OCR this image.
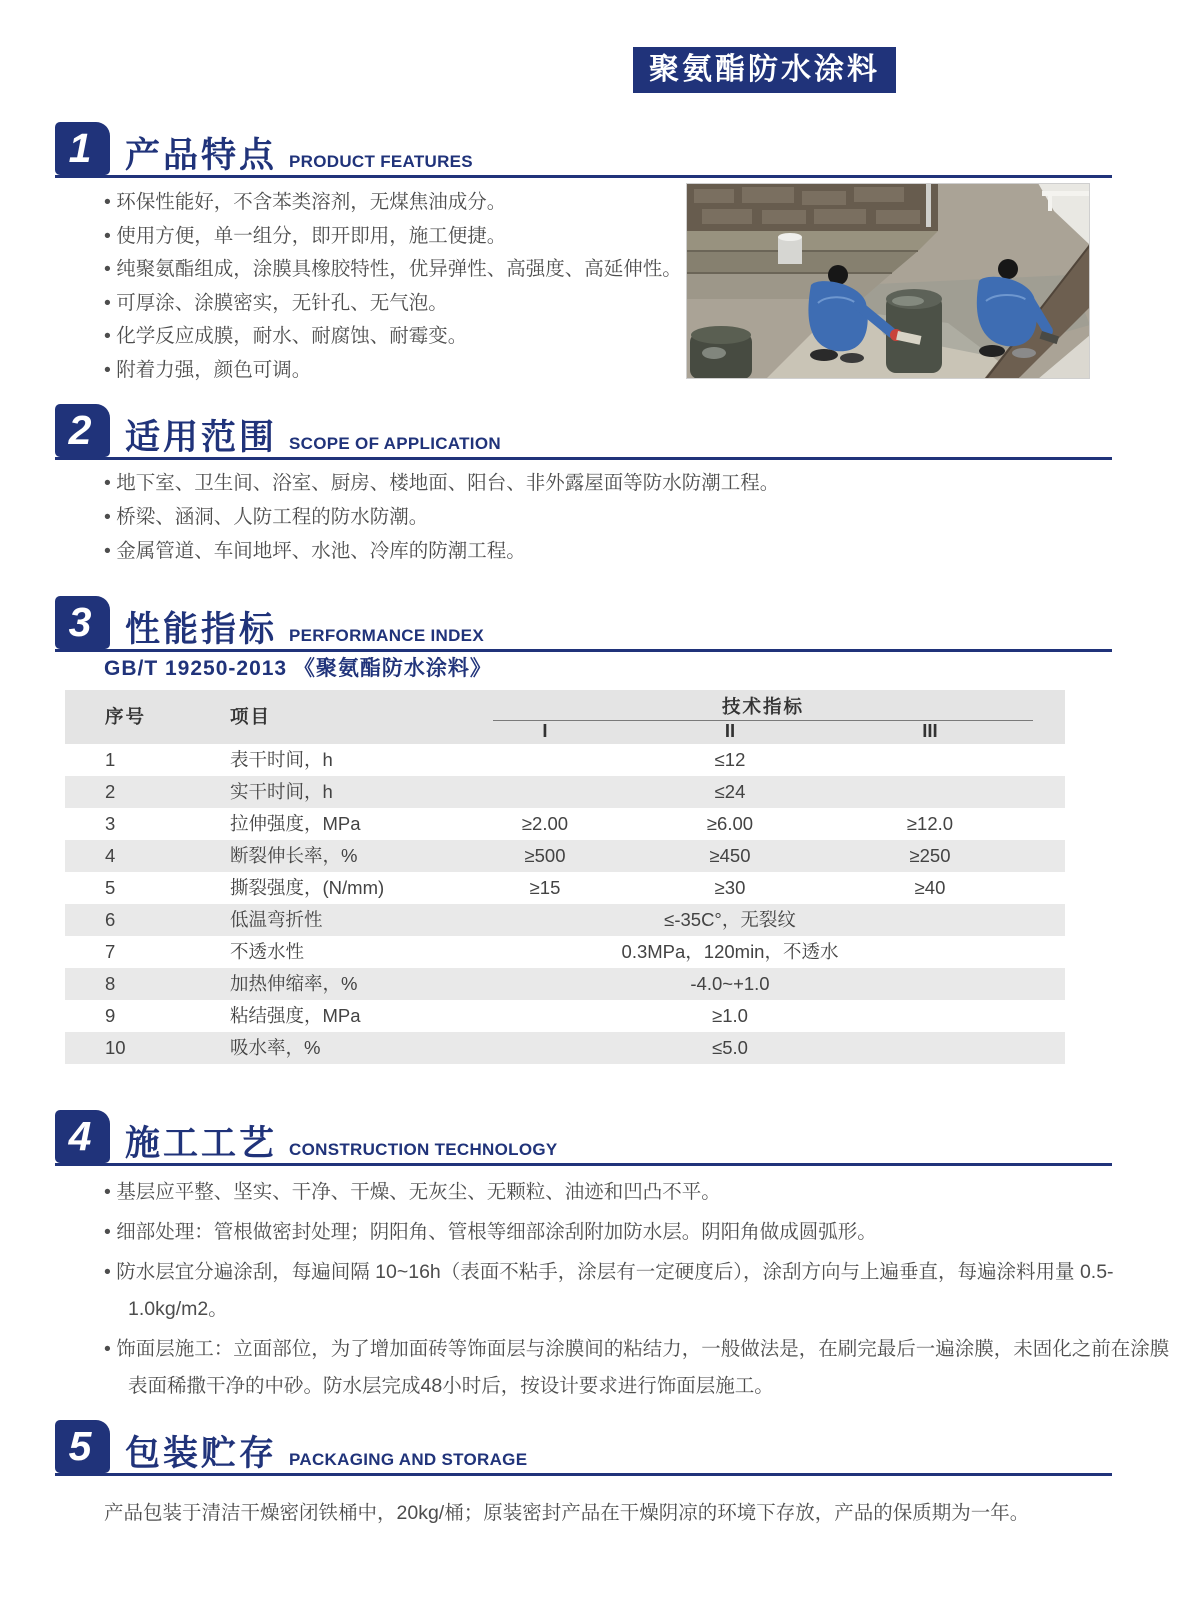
聚氨酯防水涂料
1 产品特点 PRODUCT FEATURES
• 环保性能好，不含苯类溶剂，无煤焦油成分。
• 使用方便，单一组分，即开即用，施工便捷。
• 纯聚氨酯组成，涂膜具橡胶特性，优异弹性、高强度、高延伸性。
• 可厚涂、涂膜密实，无针孔、无气泡。
• 化学反应成膜，耐水、耐腐蚀、耐霉变。
• 附着力强，颜色可调。
2 适用范围 SCOPE OF APPLICATION
• 地下室、卫生间、浴室、厨房、楼地面、阳台、非外露屋面等防水防潮工程。
• 桥梁、涵洞、人防工程的防水防潮。
• 金属管道、车间地坪、水池、冷库的防潮工程。
3 性能指标 PERFORMANCE INDEX
GB/T 19250-2013 《聚氨酯防水涂料》
序号	项目	技术指标
I	II	III
1	表干时间，h	≤12
2	实干时间，h	≤24
3	拉伸强度，MPa	≥2.00	≥6.00	≥12.0
4	断裂伸长率，%	≥500	≥450	≥250
5	撕裂强度，(N/mm)	≥15	≥30	≥40
6	低温弯折性	≤-35C°，无裂纹
7	不透水性	0.3MPa，120min，不透水
8	加热伸缩率，%	-4.0~+1.0
9	粘结强度，MPa	≥1.0
10	吸水率，%	≤5.0
4 施工工艺 CONSTRUCTION TECHNOLOGY
• 基层应平整、坚实、干净、干燥、无灰尘、无颗粒、油迹和凹凸不平。
• 细部处理：管根做密封处理；阴阳角、管根等细部涂刮附加防水层。阴阳角做成圆弧形。
• 防水层宜分遍涂刮，每遍间隔 10~16h（表面不粘手，涂层有一定硬度后），涂刮方向与上遍垂直，每遍涂料用量 0.5-1.0kg/m2。
• 饰面层施工：立面部位，为了增加面砖等饰面层与涂膜间的粘结力，一般做法是，在刷完最后一遍涂膜，未固化之前在涂膜表面稀撒干净的中砂。防水层完成48小时后，按设计要求进行饰面层施工。
5 包装贮存 PACKAGING AND STORAGE
产品包装于清洁干燥密闭铁桶中，20kg/桶；原装密封产品在干燥阴凉的环境下存放，产品的保质期为一年。
